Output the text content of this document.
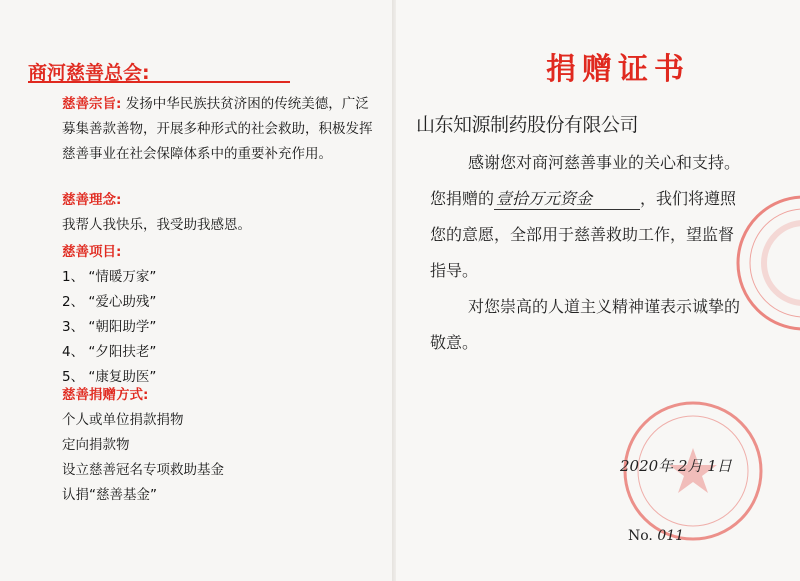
商河慈善总会:
慈善宗旨: 发扬中华民族扶贫济困的传统美德，广泛募集善款善物，开展多种形式的社会救助，积极发挥慈善事业在社会保障体系中的重要补充作用。
慈善理念:
我帮人我快乐，我受助我感恩。
慈善项目:
1、 “情暖万家”
2、 “爱心助残”
3、 “朝阳助学”
4、 “夕阳扶老”
5、 “康复助医”
慈善捐赠方式:
个人或单位捐款捐物
定向捐款物
设立慈善冠名专项救助基金
认捐“慈善基金”
捐赠证书
山东知源制药股份有限公司
感谢您对商河慈善事业的关心和支持。
您捐赠的 壹拾万元资金	，我们将遵照
您的意愿，全部用于慈善救助工作，望监督
指导。
对您崇高的人道主义精神谨表示诚挚的
敬意。
2020年 2月 1日
No. 011
